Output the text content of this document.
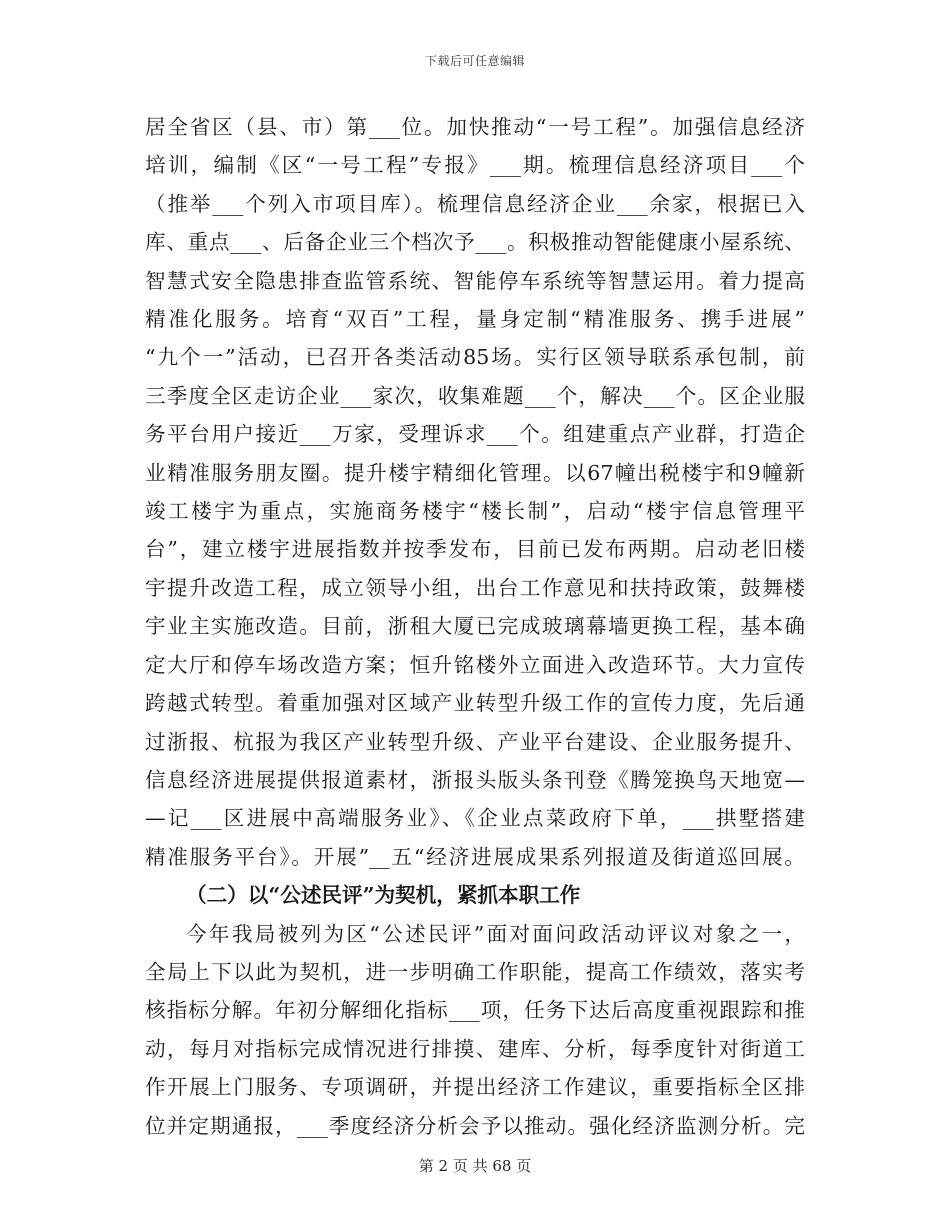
下载后可任意编辑
居全省区（县、市）第___位。加快推动“一号工程”。加强信息经济
培训，编制《区“一号工程”专报》___期。梳理信息经济项目___个
（推举___个列入市项目库）。梳理信息经济企业___余家，根据已入
库、重点___、后备企业三个档次予___。积极推动智能健康小屋系统、
智慧式安全隐患排查监管系统、智能停车系统等智慧运用。着力提高
精准化服务。培育“双百”工程，量身定制“精准服务、携手进展”
“九个一”活动，已召开各类活动85场。实行区领导联系承包制，前
三季度全区走访企业___家次，收集难题___个，解决___个。区企业服
务平台用户接近___万家，受理诉求___个。组建重点产业群，打造企
业精准服务朋友圈。提升楼宇精细化管理。以67幢出税楼宇和9幢新
竣工楼宇为重点，实施商务楼宇“楼长制”，启动“楼宇信息管理平
台”，建立楼宇进展指数并按季发布，目前已发布两期。启动老旧楼
宇提升改造工程，成立领导小组，出台工作意见和扶持政策，鼓舞楼
宇业主实施改造。目前，浙租大厦已完成玻璃幕墙更换工程，基本确
定大厅和停车场改造方案；恒升铭楼外立面进入改造环节。大力宣传
跨越式转型。着重加强对区域产业转型升级工作的宣传力度，先后通
过浙报、杭报为我区产业转型升级、产业平台建设、企业服务提升、
信息经济进展提供报道素材，浙报头版头条刊登《腾笼换鸟天地宽—
—记___区进展中高端服务业》、《企业点菜政府下单，___拱墅搭建
精准服务平台》。开展”__五“经济进展成果系列报道及街道巡回展。
（二）以“公述民评”为契机，紧抓本职工作
今年我局被列为区“公述民评”面对面问政活动评议对象之一，
全局上下以此为契机，进一步明确工作职能，提高工作绩效，落实考
核指标分解。年初分解细化指标___项，任务下达后高度重视跟踪和推
动，每月对指标完成情况进行排摸、建库、分析，每季度针对街道工
作开展上门服务、专项调研，并提出经济工作建议，重要指标全区排
位并定期通报，___季度经济分析会予以推动。强化经济监测分析。完
第 2 页 共 68 页
